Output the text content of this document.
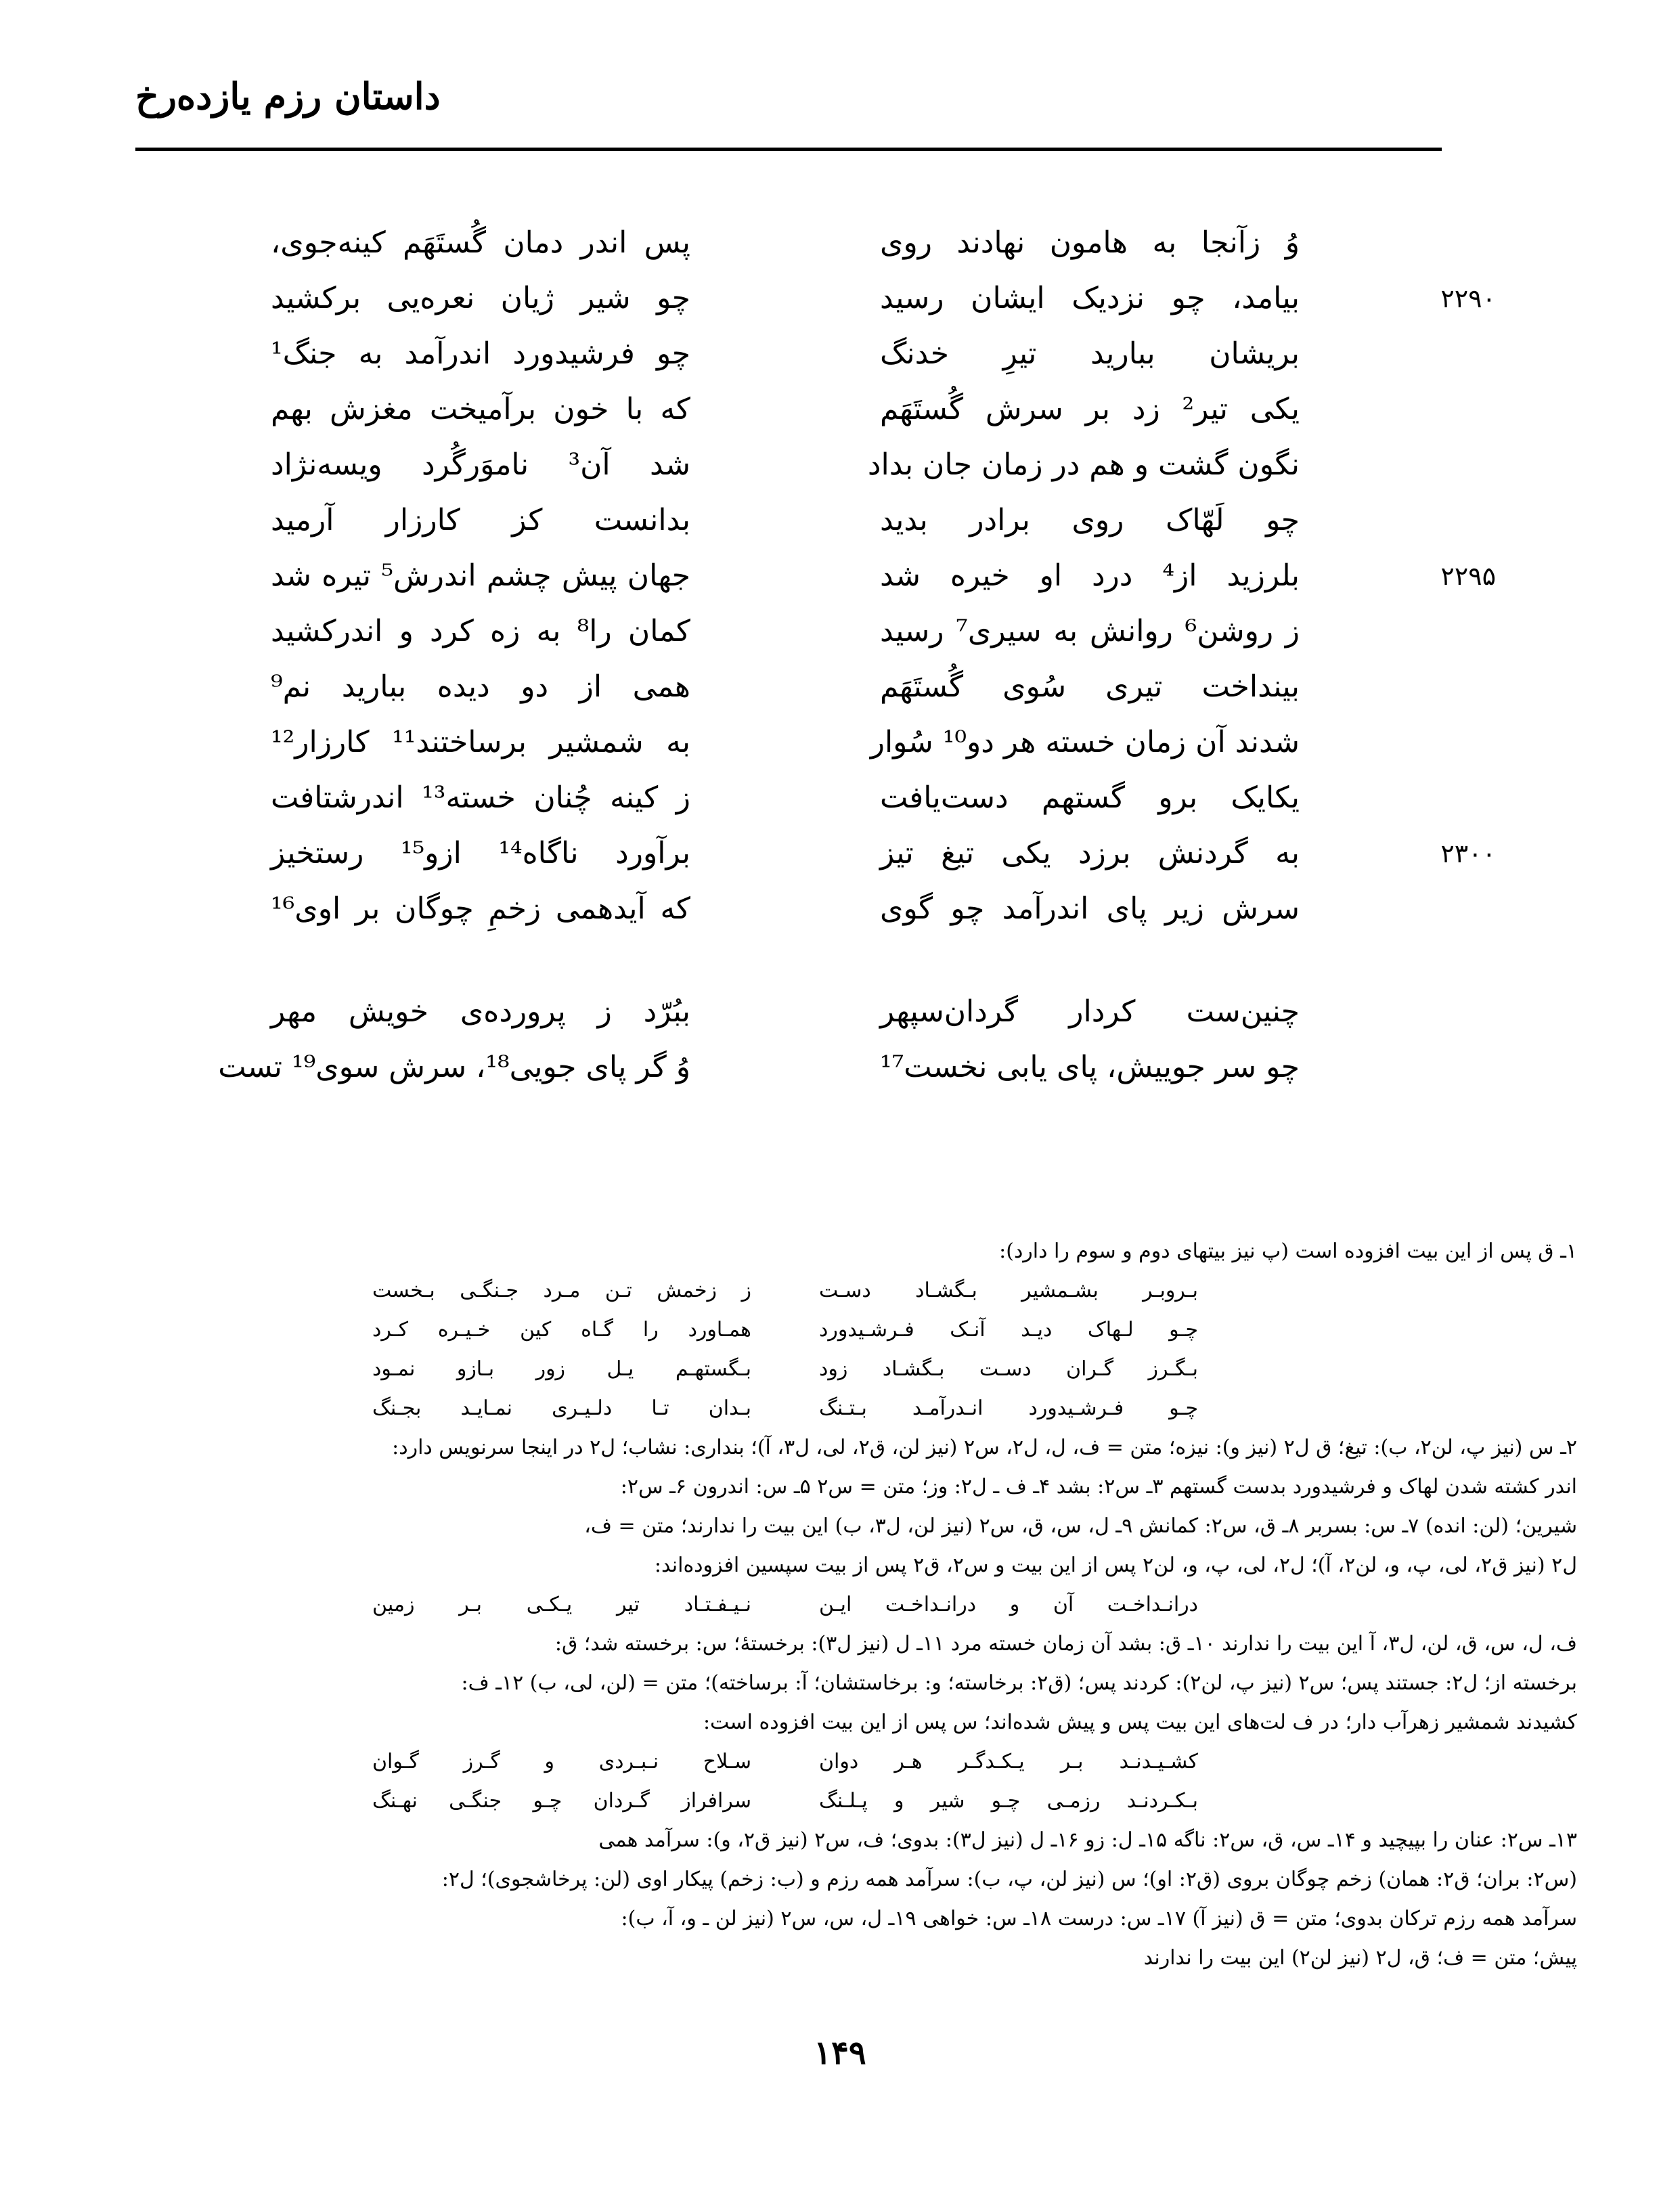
داستان رزم یازده‌رخ
وُ زآنجا به هامون نهادند روی
پس اندر دمان گُستَهَم کینه‌جوی،
۲۲۹۰
بیامد، چو نزدیک ایشان رسید
چو شیر ژیان نعره‌یی برکشید
بریشان ببارید تیرِ خدنگ
چو فرشیدورد اندرآمد به جنگ¹
یکی تیر² زد بر سرش گُستَهَم
که با خون برآمیخت مغزش بهم
نگون گشت و هم در زمان جان بداد
شد آن³ ناموَرگُرد ویسه‌نژاد
چو لَهّاک روی برادر بدید
بدانست کز کارزار آرمید
۲۲۹۵
بلرزید از⁴ درد او خیره شد
جهان پیش چشم اندرش⁵ تیره شد
ز روشن⁶ روانش به سیری⁷ رسید
کمان را⁸ به زه کرد و اندرکشید
بینداخت تیری سُوی گُستَهَم
همی از دو دیده ببارید نم⁹
شدند آن زمان خسته هر دو¹⁰ سُوار
به شمشیر برساختند¹¹ کارزار¹²
یکایک برو گستهم دست‌یافت
ز کینه چُنان خسته¹³ اندرشتافت
۲۳۰۰
به گردنش برزد یکی تیغ تیز
برآورد ناگاه¹⁴ ازو¹⁵ رستخیز
سرش زیر پای اندرآمد چو گوی
که آیدهمی زخمِ چوگان بر اوی¹⁶
چنین‌ست کردار گردان‌سپهر
ببُرّد ز پرورده‌ی خویش مهر
چو سر جوییش، پای یابی نخست¹⁷
وُ گر پای جویی¹⁸، سرش سوی¹⁹ تست

۱ـ ق پس از این بیت افزوده است (پ نیز بیتهای دوم و سوم را دارد):

بـروبـر بشـمشیر بـگشـاد دسـت
ز زخمش تـن مـرد جـنگـی بـخست
چـو لـهاک دیـد آنـک فـرشـیدورد
همـاورد را گـاه کین خـیـره کـرد
بـگـرز گـران دسـت بـگشـاد زود
بـگستهـم یـل زور بـازو نمـود
چـو فـرشـیدورد انـدرآمـد بـتـنگ
بـدان تـا دلـیـری نمـایـد بجـنگ

۲ـ س (نیز پ، لن۲، ب): تیغ؛ ق ل۲ (نیز و): نیزه؛ متن = ف، ل، ل۲، س۲ (نیز لن، ق۲، لی، ل۳، آ)؛ بنداری: نشاب؛ ل۲ در اینجا سرنویس دارد:

اندر کشته شدن لهاک و فرشیدورد بدست گستهم ۳ـ س۲: بشد ۴ـ ف ـ ل۲: وز؛ متن = س۲ ۵ـ س: اندرون ۶ـ س۲:

شیرین؛ (لن: انده) ۷ـ س: بسربر ۸ـ ق، س۲: کمانش ۹ـ ل، س، ق، س۲ (نیز لن، ل۳، ب) این بیت را ندارند؛ متن = ف،

ل۲ (نیز ق۲، لی، پ، و، لن۲، آ)؛ ل۲، لی، پ، و، لن۲ پس از این بیت و س۲، ق۲ پس از بیت سپسین افزوده‌اند:

درانـداخـت آن و درانـداخـت ایـن
نـیـفـتـاد تیر یـکـی بـر زمین

ف، ل، س، ق، لن، ل۳، آ این بیت را ندارند ۱۰ـ ق: بشد آن زمان خسته مرد ۱۱ـ ل (نیز ل۳): برخستهٔ؛ س: برخسته شد؛ ق:

برخسته از؛ ل۲: جستند پس؛ س۲ (نیز پ، لن۲): کردند پس؛ (ق۲: برخاسته؛ و: برخاستشان؛ آ: برساخته)؛ متن = (لن، لی، ب) ۱۲ـ ف:

کشیدند شمشیر زهرآب دار؛ در ف لت‌های این بیت پس و پیش شده‌اند؛ س پس از این بیت افزوده است:

کشـیـدنـد بـر یـکـدگـر هـر دوان
سـلاح نـبـردی و گـرز گـوان
بـکـردنـد رزمـی چـو شیر و پـلـنگ
سرافراز گـردان چـو جنگـی نهـنگ

۱۳ـ س۲: عنان را بپیچید و ۱۴ـ س، ق، س۲: ناگه ۱۵ـ ل: زو ۱۶ـ ل (نیز ل۳): بدوی؛ ف، س۲ (نیز ق۲، و): سرآمد همی

(س۲: بران؛ ق۲: همان) زخم چوگان بروی (ق۲: او)؛ س (نیز لن، پ، ب): سرآمد همه رزم و (ب: زخم) پیکار اوی (لن: پرخاشجوی)؛ ل۲:

سرآمد همه رزم ترکان بدوی؛ متن = ق (نیز آ) ۱۷ـ س: درست ۱۸ـ س: خواهی ۱۹ـ ل، س، س۲ (نیز لن ـ و، آ، ب):

پیش؛ متن = ف؛ ق، ل۲ (نیز لن۲) این بیت را ندارند

۱۴۹
